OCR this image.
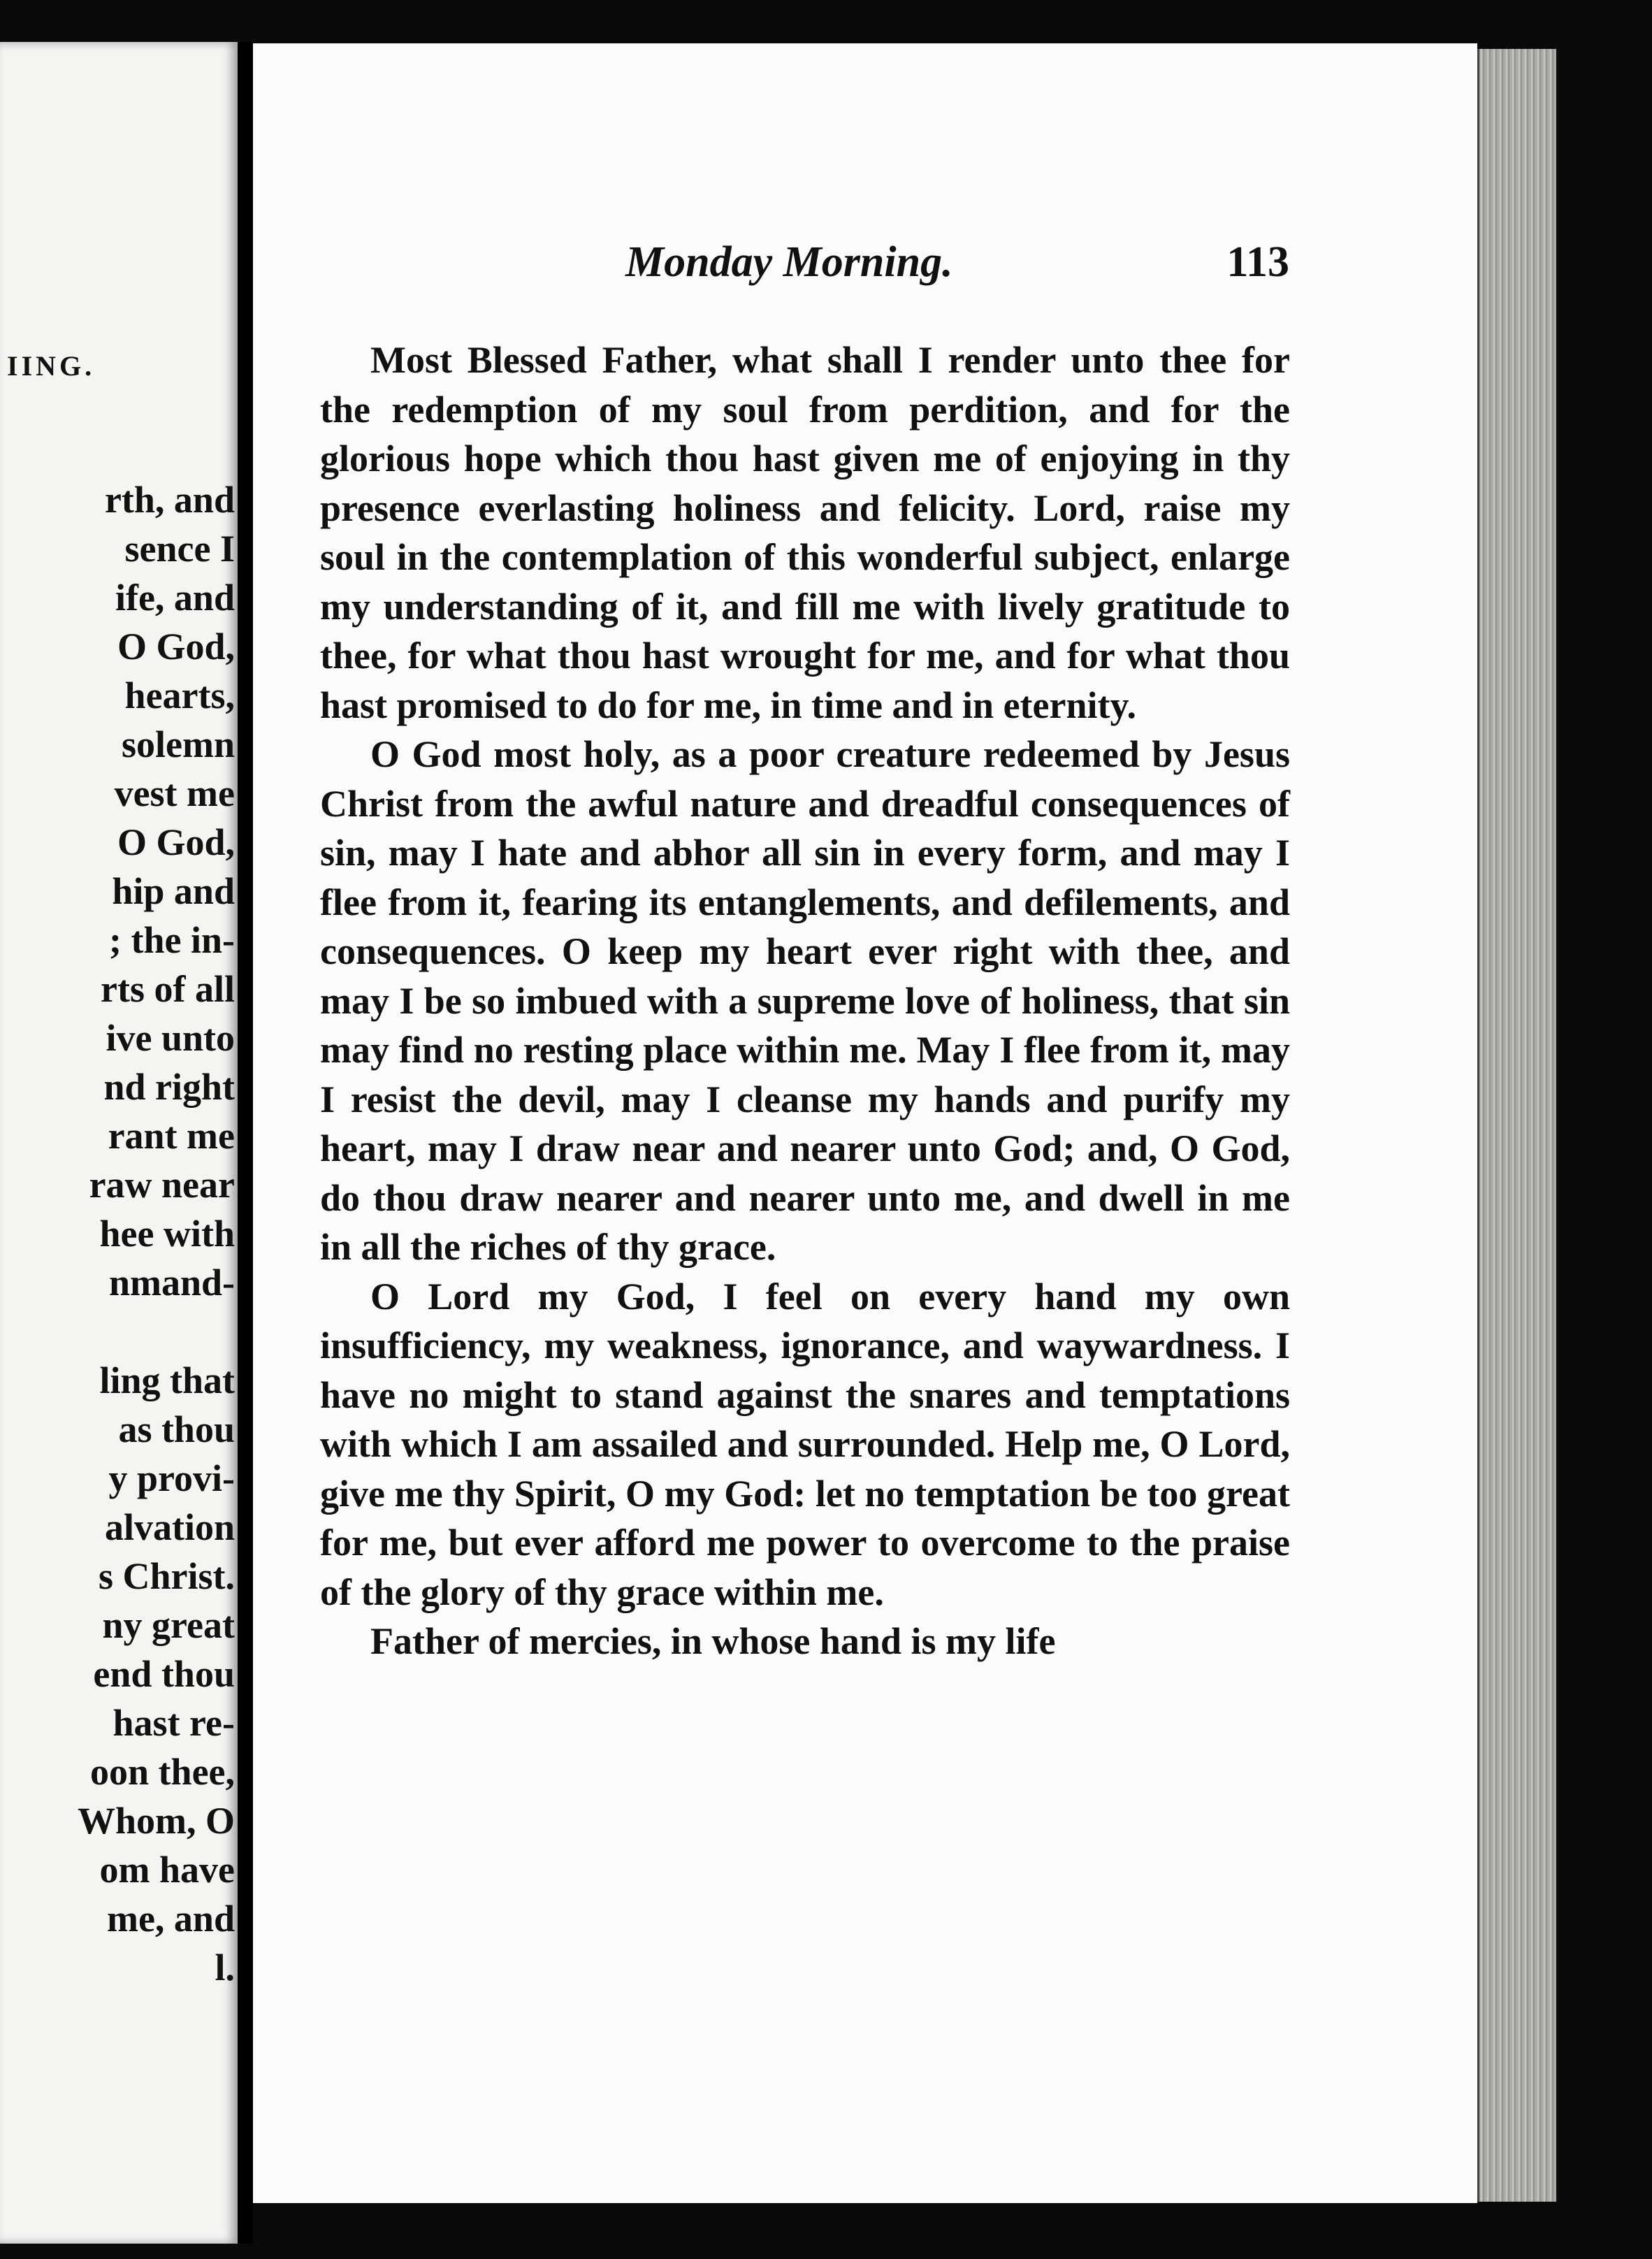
IING.
rth, and
sence I
ife, and
O God,
hearts,
solemn
vest me
O God,
hip and
; the in-
rts of all
ive unto
nd right
rant me
raw near
hee with
nmand-

ling that
as thou
y provi-
alvation
s Christ.
ny great
end thou
hast re-
oon thee,
Whom, O
om have
me, and
l.
Monday Morning.	113

Most Blessed Father, what shall I render unto thee for the redemption of my soul from perdition, and for the glorious hope which thou hast given me of enjoying in thy presence everlasting holiness and felicity. Lord, raise my soul in the contemplation of this wonderful subject, enlarge my understanding of it, and fill me with lively gratitude to thee, for what thou hast wrought for me, and for what thou hast promised to do for me, in time and in eternity.

O God most holy, as a poor creature redeemed by Jesus Christ from the awful nature and dreadful consequences of sin, may I hate and abhor all sin in every form, and may I flee from it, fearing its entanglements, and defilements, and consequences. O keep my heart ever right with thee, and may I be so imbued with a supreme love of holiness, that sin may find no resting place within me. May I flee from it, may I resist the devil, may I cleanse my hands and purify my heart, may I draw near and nearer unto God; and, O God, do thou draw nearer and nearer unto me, and dwell in me in all the riches of thy grace.

O Lord my God, I feel on every hand my own insufficiency, my weakness, ignorance, and waywardness. I have no might to stand against the snares and temptations with which I am assailed and surrounded. Help me, O Lord, give me thy Spirit, O my God: let no temptation be too great for me, but ever afford me power to overcome to the praise of the glory of thy grace within me.

Father of mercies, in whose hand is my life
